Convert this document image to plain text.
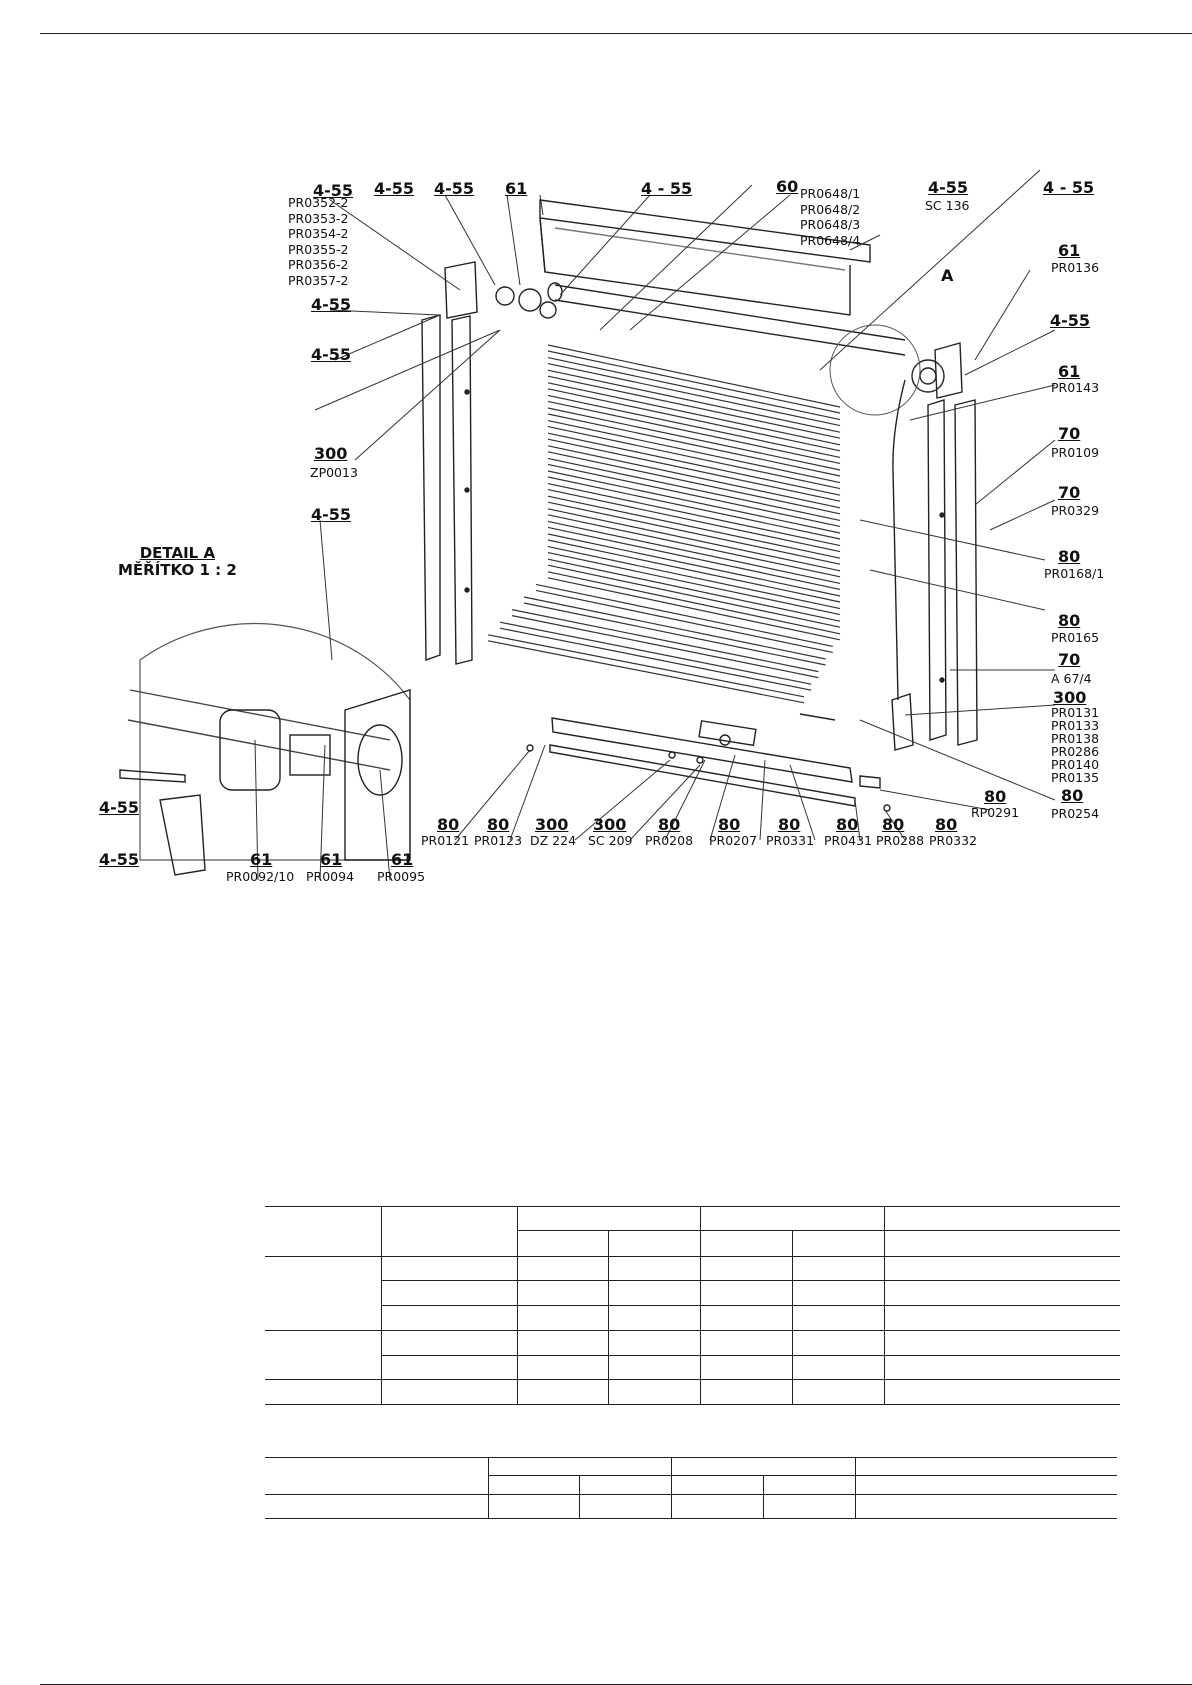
4-55 4-55 4-55 61	4 - 55	60	4-55	4 - 55
4-55
4-55
300
4-55
A
61
4-55
61
70
70
80
80
70
300
80	80
4-55
4-55	61	61	61
80 80 300 300 80 80 80 80 80 80
PR0352-2
PR0353-2
PR0354-2
PR0355-2
PR0356-2
PR0357-2
ZP0013
PR0648/1
PR0648/2
PR0648/3
PR0648/4
SC 136
PR0136
PR0143
PR0109
PR0329
PR0168/1
PR0165
A 67/4
PR0131
PR0133
PR0138
PR0286
PR0140
PR0135
RP0291	PR0254
PR0092/10 PR0094 PR0095
PR0121 PR0123 DZ 224 SC 209 PR0208 PR0207 PR0331 PR0431 PR0288 PR0332
DETAIL A
MĚŘÍTKO 1 : 2
